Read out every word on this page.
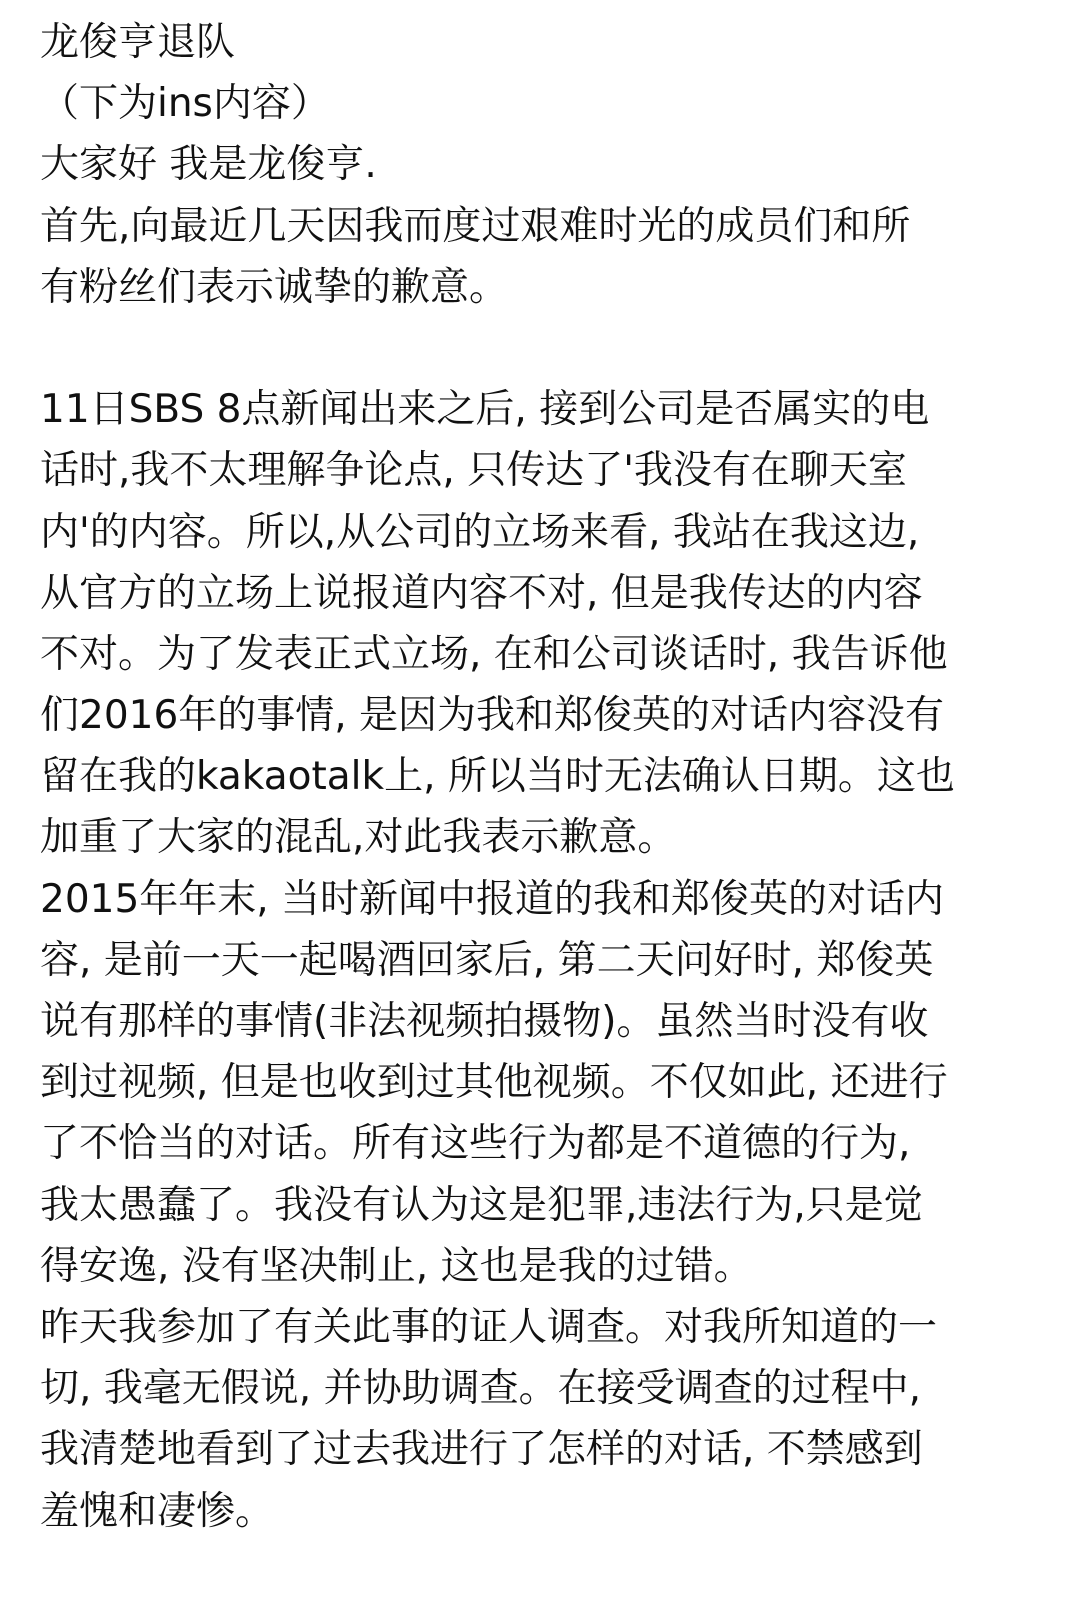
龙俊亨退队
（下为ins内容）
大家好 我是龙俊亨.
首先,向最近几天因我而度过艰难时光的成员们和所
有粉丝们表示诚挚的歉意。
11日SBS 8点新闻出来之后, 接到公司是否属实的电
话时,我不太理解争论点, 只传达了'我没有在聊天室
内'的内容。所以,从公司的立场来看, 我站在我这边,
从官方的立场上说报道内容不对, 但是我传达的内容
不对。为了发表正式立场, 在和公司谈话时, 我告诉他
们2016年的事情, 是因为我和郑俊英的对话内容没有
留在我的kakaotalk上, 所以当时无法确认日期。这也
加重了大家的混乱,对此我表示歉意。
2015年年末, 当时新闻中报道的我和郑俊英的对话内
容, 是前一天一起喝酒回家后, 第二天问好时, 郑俊英
说有那样的事情(非法视频拍摄物)。虽然当时没有收
到过视频, 但是也收到过其他视频。不仅如此, 还进行
了不恰当的对话。所有这些行为都是不道德的行为,
我太愚蠢了。我没有认为这是犯罪,违法行为,只是觉
得安逸, 没有坚决制止, 这也是我的过错。
昨天我参加了有关此事的证人调查。对我所知道的一
切, 我毫无假说, 并协助调查。在接受调查的过程中,
我清楚地看到了过去我进行了怎样的对话, 不禁感到
羞愧和凄惨。
